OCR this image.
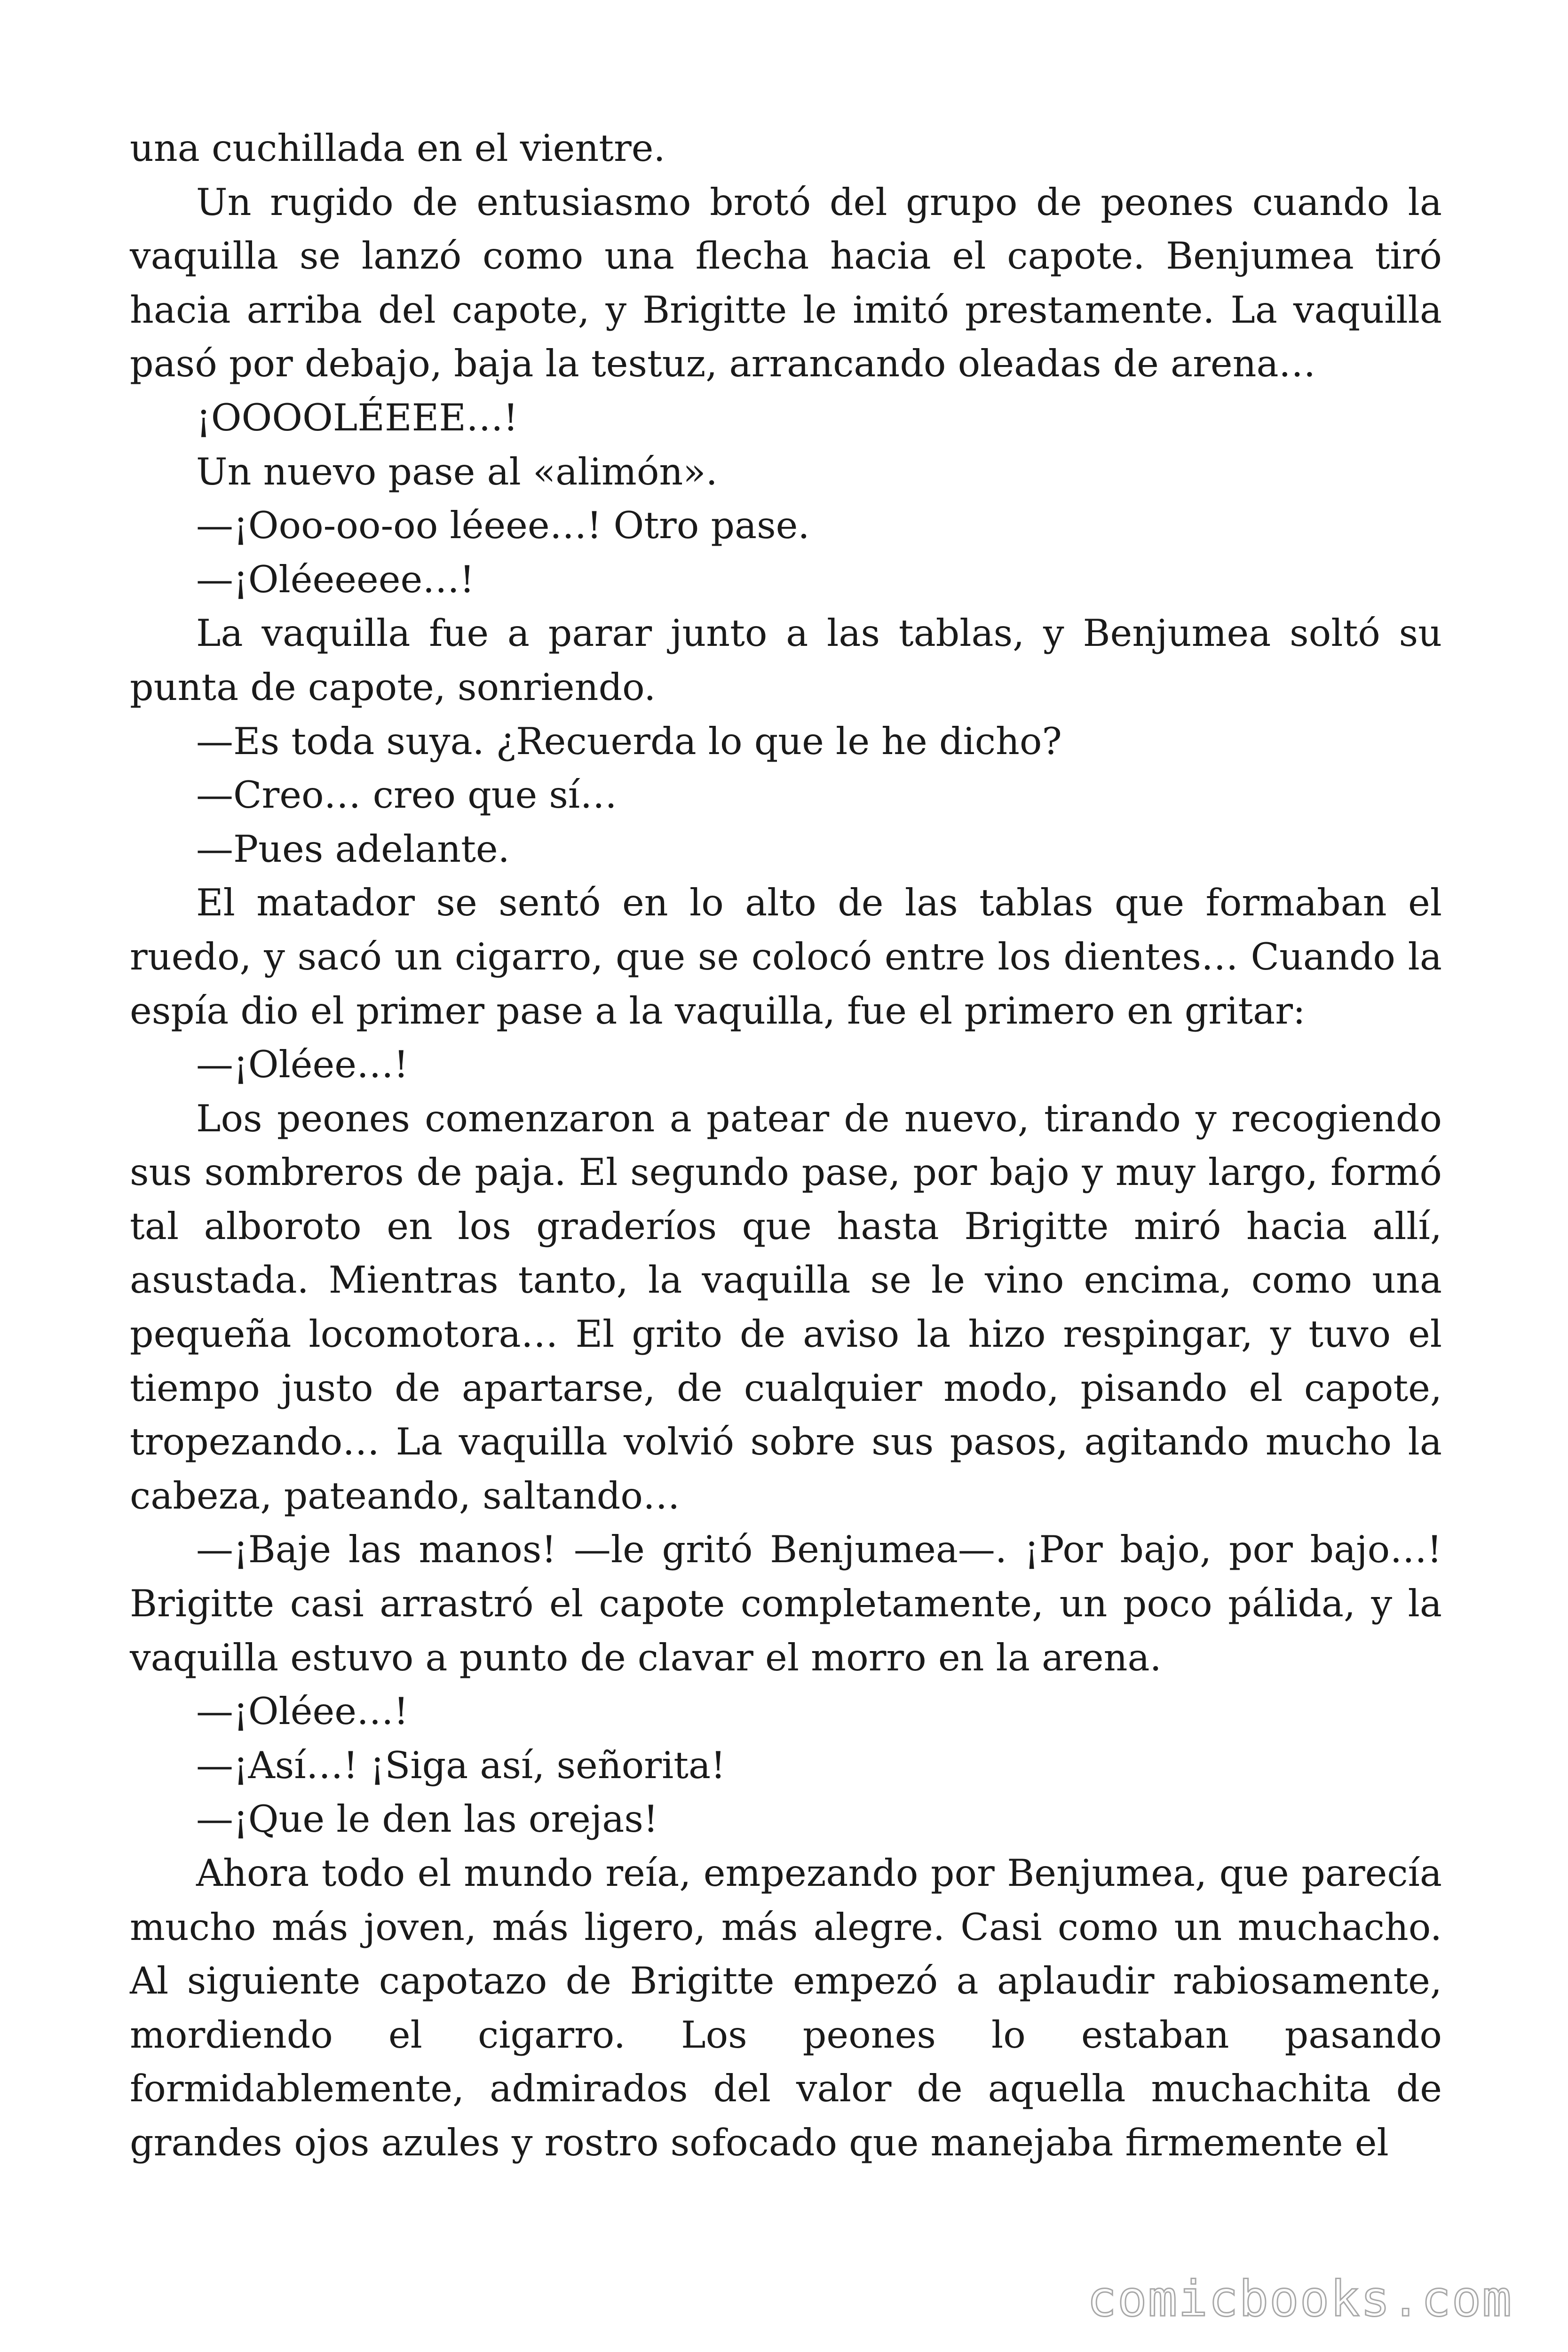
una cuchillada en el vientre.

Un rugido de entusiasmo brotó del grupo de peones cuando la vaquilla se lanzó como una flecha hacia el capote. Benjumea tiró hacia arriba del capote, y Brigitte le imitó prestamente. La vaquilla pasó por debajo, baja la testuz, arrancando oleadas de arena…

¡OOOOLÉEEE…!

Un nuevo pase al «alimón».

—¡Ooo-oo-oo léeee…! Otro pase.

—¡Oléeeeee…!

La vaquilla fue a parar junto a las tablas, y Benjumea soltó su punta de capote, sonriendo.

—Es toda suya. ¿Recuerda lo que le he dicho?

—Creo… creo que sí…

—Pues adelante.

El matador se sentó en lo alto de las tablas que formaban el ruedo, y sacó un cigarro, que se colocó entre los dientes… Cuando la espía dio el primer pase a la vaquilla, fue el primero en gritar:

—¡Oléee…!

Los peones comenzaron a patear de nuevo, tirando y recogiendo sus sombreros de paja. El segundo pase, por bajo y muy largo, formó tal alboroto en los graderíos que hasta Brigitte miró hacia allí, asustada. Mientras tanto, la vaquilla se le vino encima, como una pequeña locomotora… El grito de aviso la hizo respingar, y tuvo el tiempo justo de apartarse, de cualquier modo, pisando el capote, tropezando… La vaquilla volvió sobre sus pasos, agitando mucho la cabeza, pateando, saltando…

—¡Baje las manos! —le gritó Benjumea—. ¡Por bajo, por bajo…! Brigitte casi arrastró el capote completamente, un poco pálida, y la vaquilla estuvo a punto de clavar el morro en la arena.

—¡Oléee…!

—¡Así…! ¡Siga así, señorita!

—¡Que le den las orejas!

Ahora todo el mundo reía, empezando por Benjumea, que parecía mucho más joven, más ligero, más alegre. Casi como un muchacho. Al siguiente capotazo de Brigitte empezó a aplaudir rabiosamente, mordiendo el cigarro. Los peones lo estaban pasando formidablemente, admirados del valor de aquella muchachita de grandes ojos azules y rostro sofocado que manejaba firmemente el

comicbooks.com
